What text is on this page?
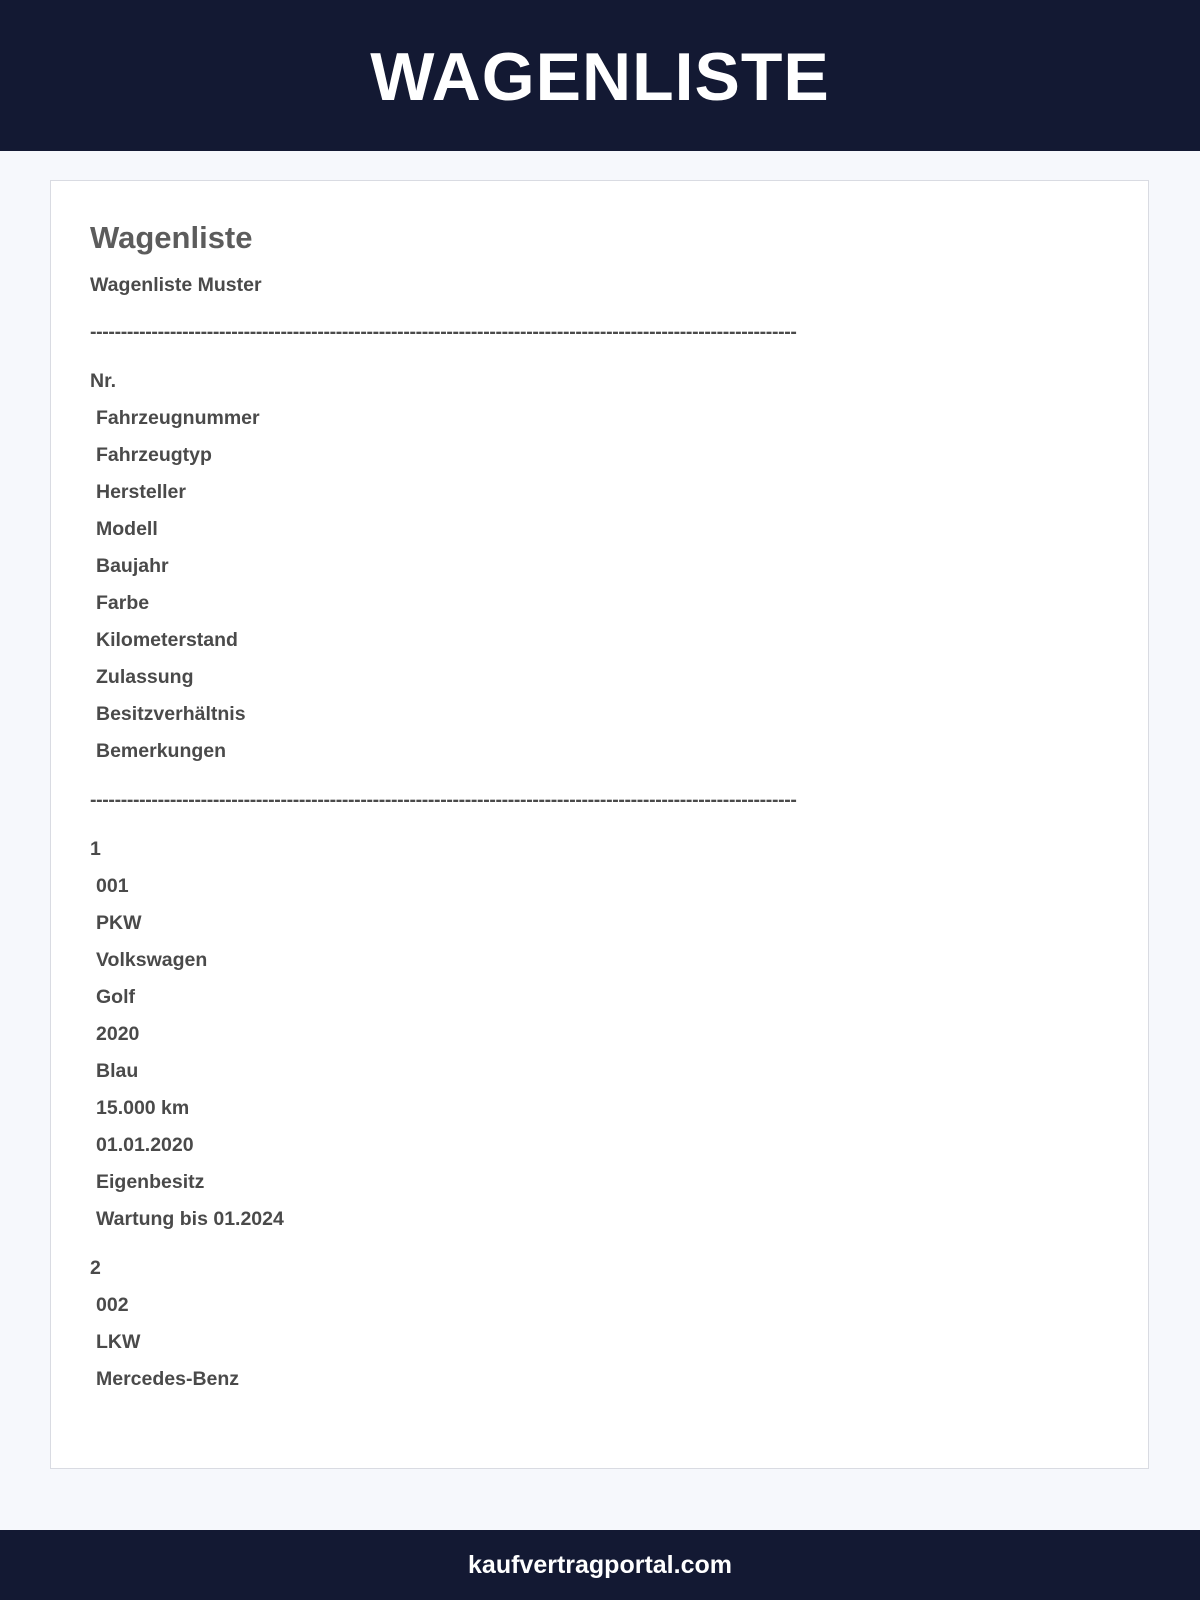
WAGENLISTE
Wagenliste
Wagenliste Muster
-------------------------------------------------------------------------------------------------------------------
Nr.
Fahrzeugnummer
Fahrzeugtyp
Hersteller
Modell
Baujahr
Farbe
Kilometerstand
Zulassung
Besitzverhältnis
Bemerkungen
-------------------------------------------------------------------------------------------------------------------
1
001
PKW
Volkswagen
Golf
2020
Blau
15.000 km
01.01.2020
Eigenbesitz
Wartung bis 01.2024
2
002
LKW
Mercedes-Benz
kaufvertragportal.com
